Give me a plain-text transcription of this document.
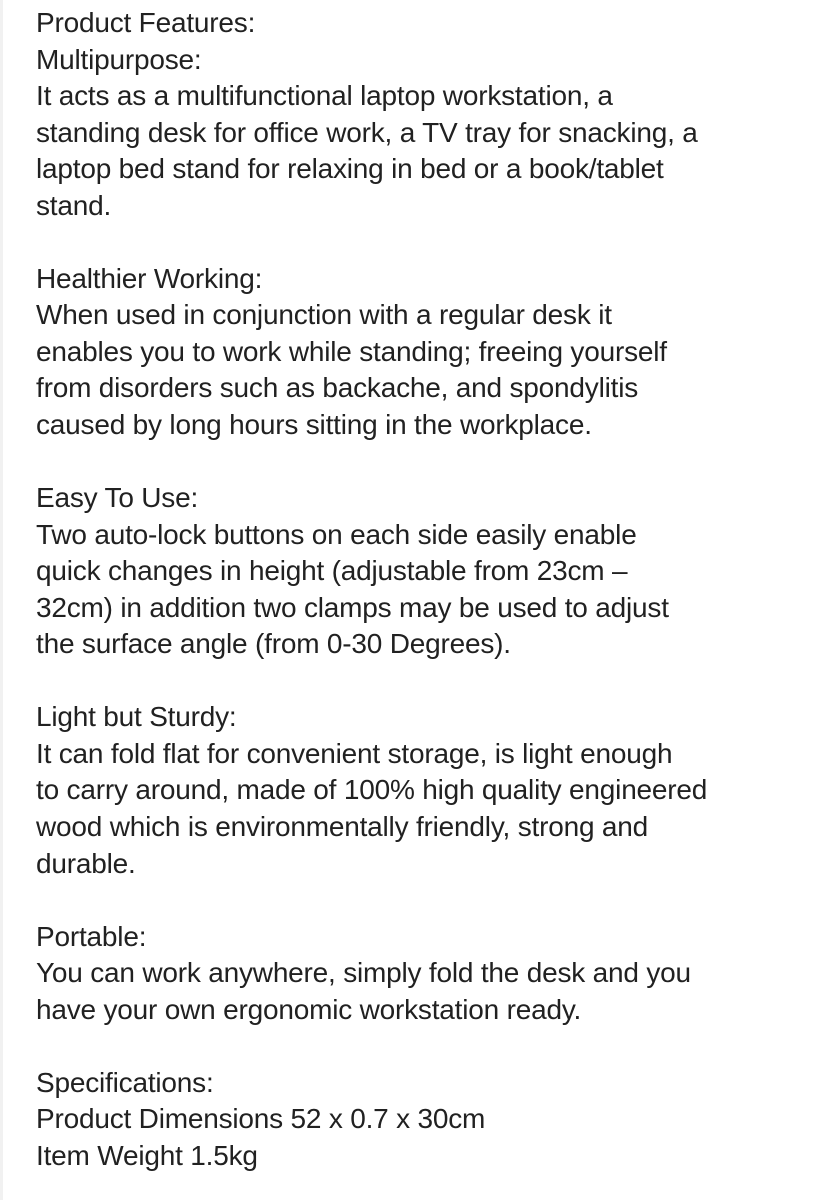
Product Features:
Multipurpose:
It acts as a multifunctional laptop workstation, a
standing desk for office work, a TV tray for snacking, a
laptop bed stand for relaxing in bed or a book/tablet
stand.
Healthier Working:
When used in conjunction with a regular desk it
enables you to work while standing; freeing yourself
from disorders such as backache, and spondylitis
caused by long hours sitting in the workplace.
Easy To Use:
Two auto-lock buttons on each side easily enable
quick changes in height (adjustable from 23cm –
32cm) in addition two clamps may be used to adjust
the surface angle (from 0-30 Degrees).
Light but Sturdy:
It can fold flat for convenient storage, is light enough
to carry around, made of 100% high quality engineered
wood which is environmentally friendly, strong and
durable.
Portable:
You can work anywhere, simply fold the desk and you
have your own ergonomic workstation ready.
Specifications:
Product Dimensions 52 x 0.7 x 30cm
Item Weight 1.5kg
